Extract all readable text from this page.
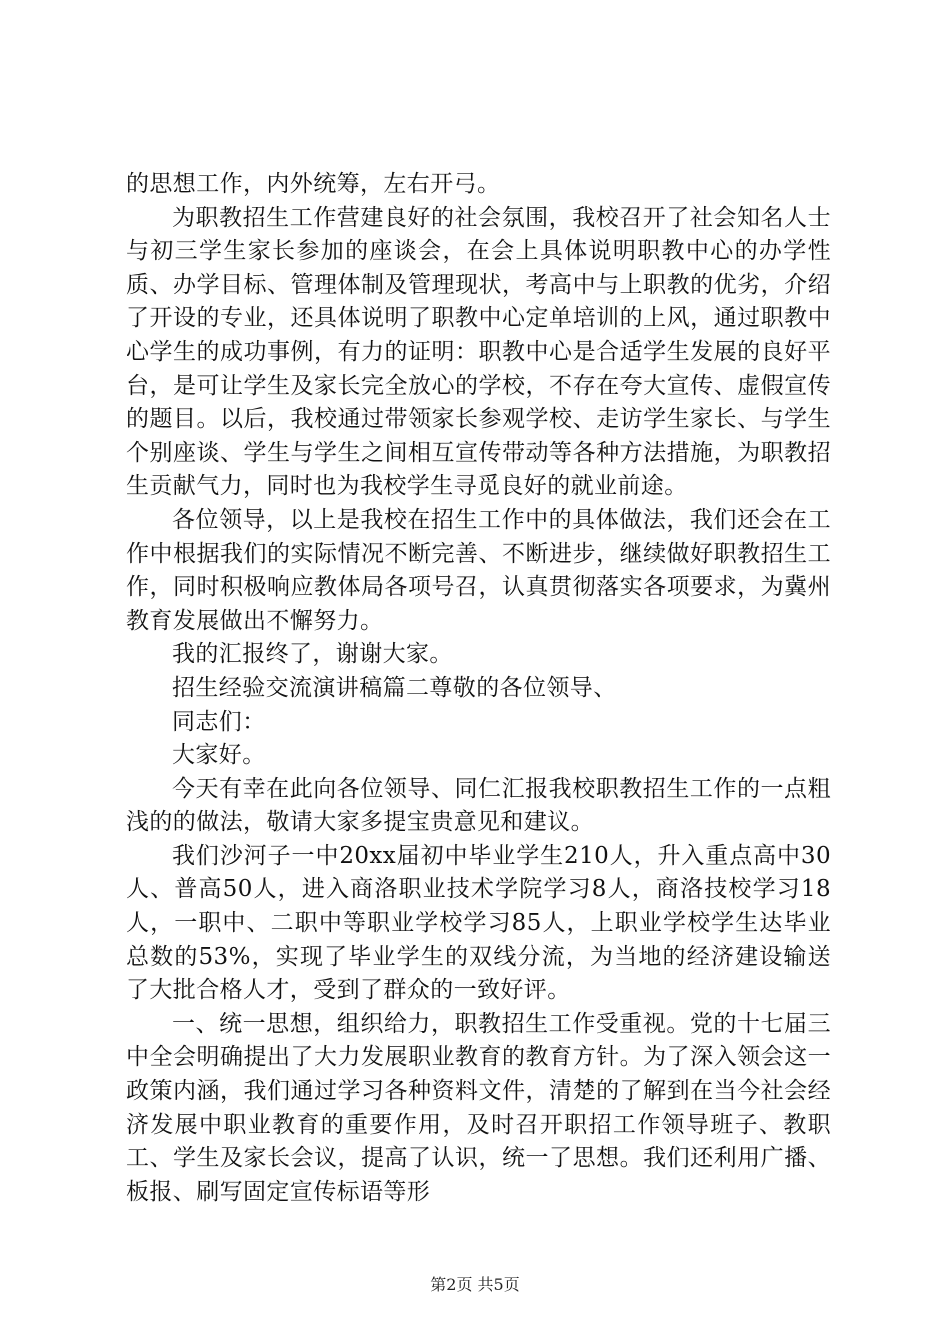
的思想工作，内外统筹，左右开弓。

为职教招生工作营建良好的社会氛围，我校召开了社会知名人士与初三学生家长参加的座谈会，在会上具体说明职教中心的办学性质、办学目标、管理体制及管理现状，考高中与上职教的优劣，介绍了开设的专业，还具体说明了职教中心定单培训的上风，通过职教中心学生的成功事例，有力的证明：职教中心是合适学生发展的良好平台，是可让学生及家长完全放心的学校，不存在夸大宣传、虚假宣传的题目。以后，我校通过带领家长参观学校、走访学生家长、与学生个别座谈、学生与学生之间相互宣传带动等各种方法措施，为职教招生贡献气力，同时也为我校学生寻觅良好的就业前途。

各位领导，以上是我校在招生工作中的具体做法，我们还会在工作中根据我们的实际情况不断完善、不断进步，继续做好职教招生工作，同时积极响应教体局各项号召，认真贯彻落实各项要求，为冀州教育发展做出不懈努力。

我的汇报终了，谢谢大家。

招生经验交流演讲稿篇二尊敬的各位领导、

同志们：

大家好。

今天有幸在此向各位领导、同仁汇报我校职教招生工作的一点粗浅的的做法，敬请大家多提宝贵意见和建议。

我们沙河子一中20xx届初中毕业学生210人，升入重点高中30人、普高50人，进入商洛职业技术学院学习8人，商洛技校学习18人，一职中、二职中等职业学校学习85人，上职业学校学生达毕业总数的53%，实现了毕业学生的双线分流，为当地的经济建设输送了大批合格人才，受到了群众的一致好评。

一、统一思想，组织给力，职教招生工作受重视。党的十七届三中全会明确提出了大力发展职业教育的教育方针。为了深入领会这一政策内涵，我们通过学习各种资料文件，清楚的了解到在当今社会经济发展中职业教育的重要作用，及时召开职招工作领导班子、教职工、学生及家长会议，提高了认识，统一了思想。我们还利用广播、板报、刷写固定宣传标语等形

第2页 共5页
